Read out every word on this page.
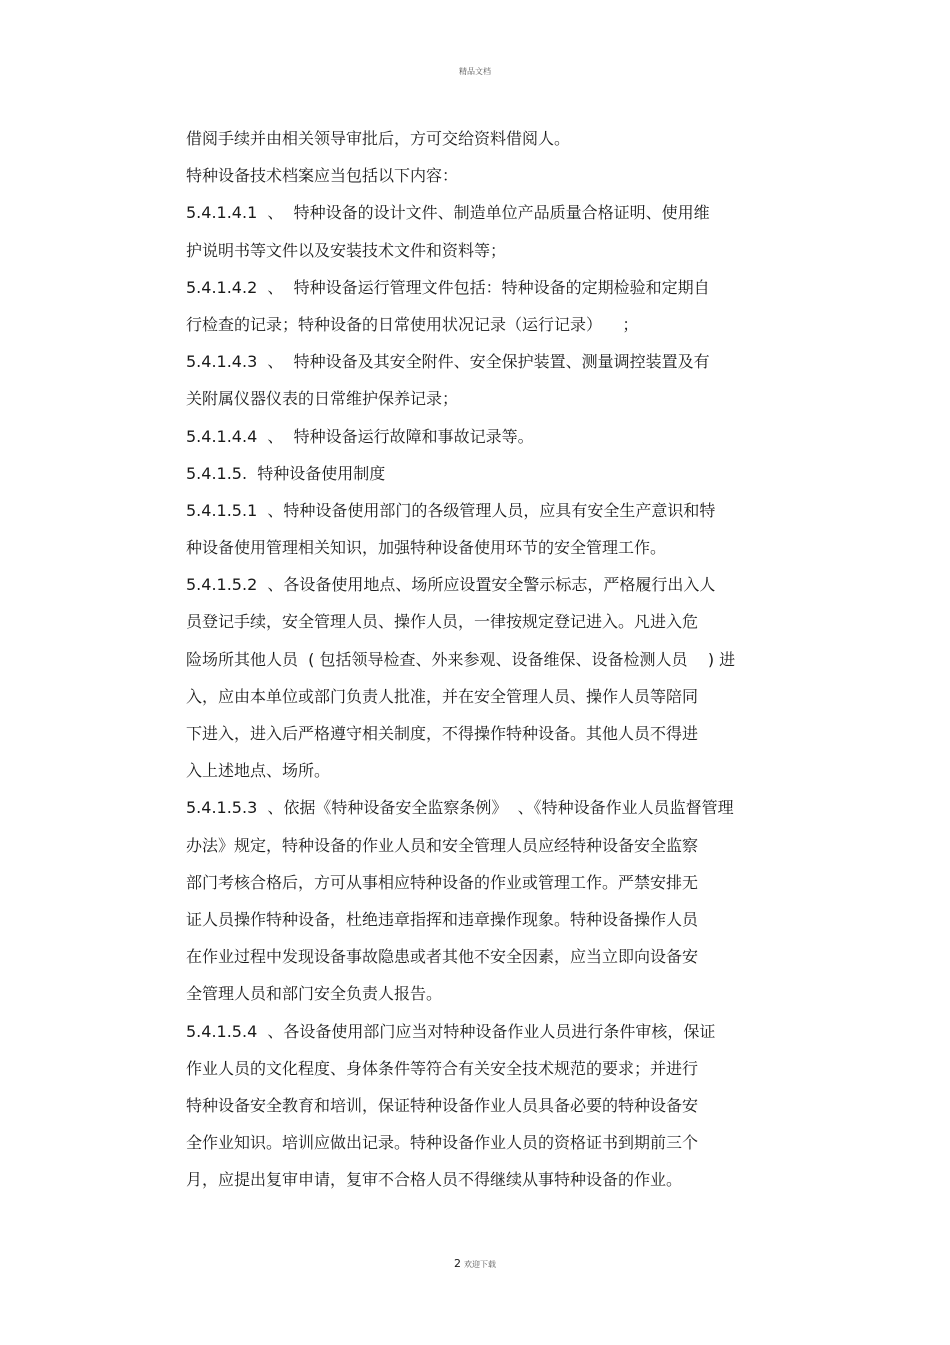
精品文档
借阅手续并由相关领导审批后，方可交给资料借阅人。
特种设备技术档案应当包括以下内容：
5.4.1.4.1  、  特种设备的设计文件、制造单位产品质量合格证明、使用维
护说明书等文件以及安装技术文件和资料等；
5.4.1.4.2  、  特种设备运行管理文件包括：特种设备的定期检验和定期自
行检查的记录；特种设备的日常使用状况记录（运行记录）    ；
5.4.1.4.3  、  特种设备及其安全附件、安全保护装置、测量调控装置及有
关附属仪器仪表的日常维护保养记录；
5.4.1.4.4  、  特种设备运行故障和事故记录等。
5.4.1.5.  特种设备使用制度
5.4.1.5.1  、特种设备使用部门的各级管理人员，应具有安全生产意识和特
种设备使用管理相关知识，加强特种设备使用环节的安全管理工作。
5.4.1.5.2  、各设备使用地点、场所应设置安全警示标志，严格履行出入人
员登记手续，安全管理人员、操作人员，一律按规定登记进入。凡进入危
险场所其他人员  ( 包括领导检查、外来参观、设备维保、设备检测人员    ) 进
入，应由本单位或部门负责人批准，并在安全管理人员、操作人员等陪同
下进入，进入后严格遵守相关制度，不得操作特种设备。其他人员不得进
入上述地点、场所。
5.4.1.5.3  、依据《特种设备安全监察条例》  、《特种设备作业人员监督管理
办法》规定，特种设备的作业人员和安全管理人员应经特种设备安全监察
部门考核合格后，方可从事相应特种设备的作业或管理工作。严禁安排无
证人员操作特种设备，杜绝违章指挥和违章操作现象。特种设备操作人员
在作业过程中发现设备事故隐患或者其他不安全因素，应当立即向设备安
全管理人员和部门安全负责人报告。
5.4.1.5.4  、各设备使用部门应当对特种设备作业人员进行条件审核，保证
作业人员的文化程度、身体条件等符合有关安全技术规范的要求；并进行
特种设备安全教育和培训，保证特种设备作业人员具备必要的特种设备安
全作业知识。培训应做出记录。特种设备作业人员的资格证书到期前三个
月，应提出复审申请，复审不合格人员不得继续从事特种设备的作业。
2 欢迎下载
